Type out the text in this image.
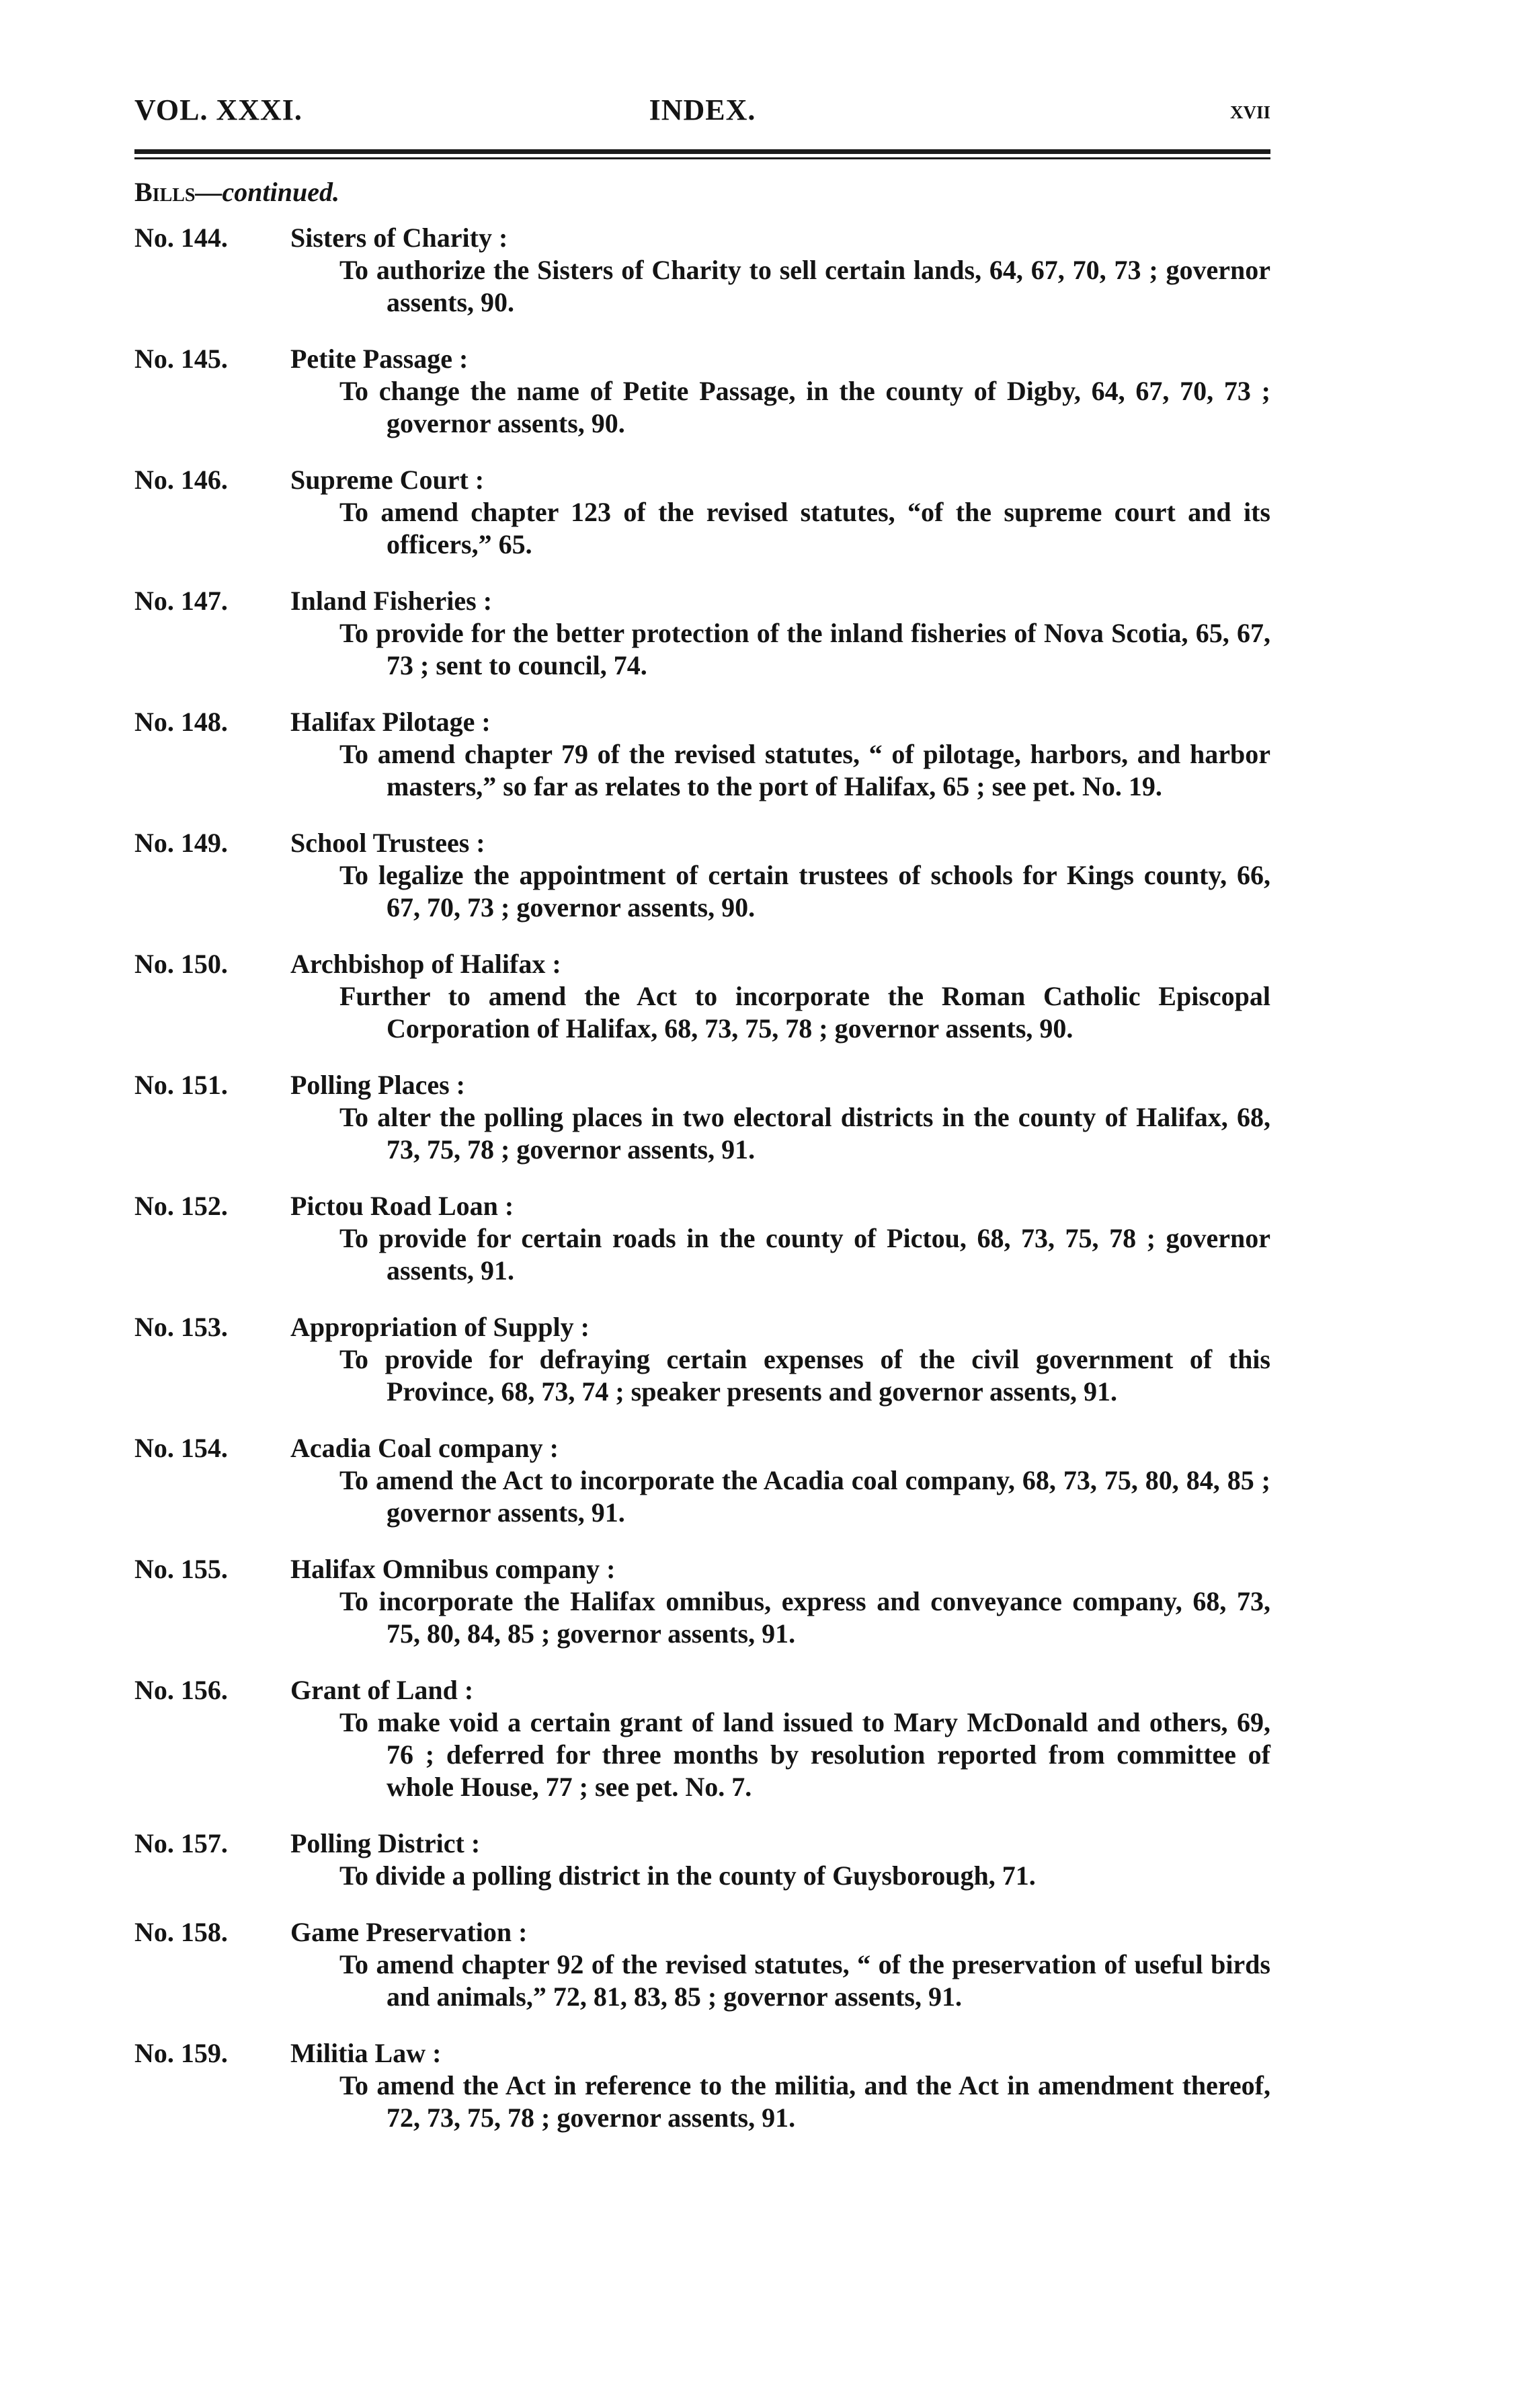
VOL. XXXI.	INDEX.	xvii
Bills—continued.
No. 144. Sisters of Charity :
To authorize the Sisters of Charity to sell certain lands, 64, 67, 70, 73 ; governor assents, 90.
No. 145. Petite Passage :
To change the name of Petite Passage, in the county of Digby, 64, 67, 70, 73 ; governor assents, 90.
No. 146. Supreme Court :
To amend chapter 123 of the revised statutes, “of the supreme court and its officers,” 65.
No. 147. Inland Fisheries :
To provide for the better protection of the inland fisheries of Nova Scotia, 65, 67, 73 ; sent to council, 74.
No. 148. Halifax Pilotage :
To amend chapter 79 of the revised statutes, “ of pilotage, harbors, and harbor masters,” so far as relates to the port of Halifax, 65 ; see pet. No. 19.
No. 149. School Trustees :
To legalize the appointment of certain trustees of schools for Kings county, 66, 67, 70, 73 ; governor assents, 90.
No. 150. Archbishop of Halifax :
Further to amend the Act to incorporate the Roman Catholic Episcopal Corporation of Halifax, 68, 73, 75, 78 ; governor assents, 90.
No. 151. Polling Places :
To alter the polling places in two electoral districts in the county of Halifax, 68, 73, 75, 78 ; governor assents, 91.
No. 152. Pictou Road Loan :
To provide for certain roads in the county of Pictou, 68, 73, 75, 78 ; governor assents, 91.
No. 153. Appropriation of Supply :
To provide for defraying certain expenses of the civil government of this Province, 68, 73, 74 ; speaker presents and governor assents, 91.
No. 154. Acadia Coal company :
To amend the Act to incorporate the Acadia coal company, 68, 73, 75, 80, 84, 85 ; governor assents, 91.
No. 155. Halifax Omnibus company :
To incorporate the Halifax omnibus, express and conveyance company, 68, 73, 75, 80, 84, 85 ; governor assents, 91.
No. 156. Grant of Land :
To make void a certain grant of land issued to Mary McDonald and others, 69, 76 ; deferred for three months by resolution reported from committee of whole House, 77 ; see pet. No. 7.
No. 157. Polling District :
To divide a polling district in the county of Guysborough, 71.
No. 158. Game Preservation :
To amend chapter 92 of the revised statutes, “ of the preservation of useful birds and animals,” 72, 81, 83, 85 ; governor assents, 91.
No. 159. Militia Law :
To amend the Act in reference to the militia, and the Act in amendment thereof, 72, 73, 75, 78 ; governor assents, 91.
